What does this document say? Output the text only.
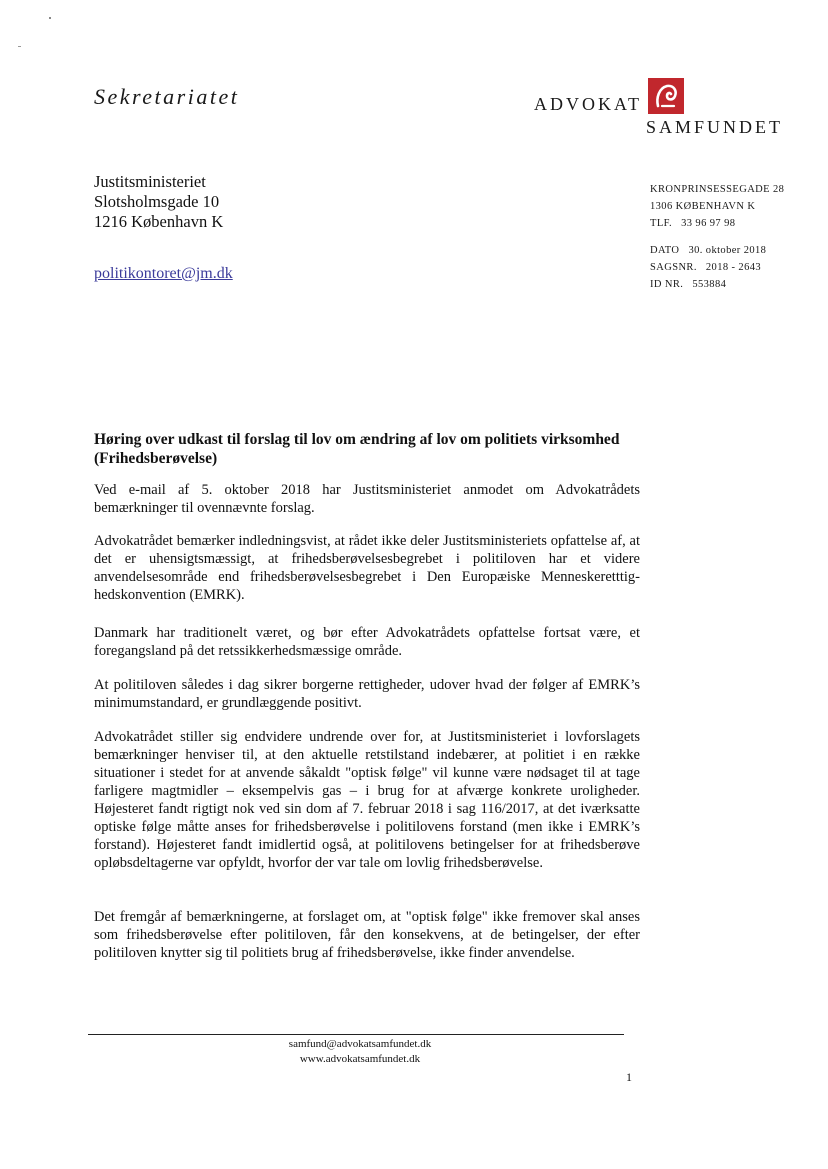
Sekretariatet	ADVOKAT
SAMFUNDET
Justitsministeriet
Slotsholmsgade 10
1216 København K
politikontoret@jm.dk
KRONPRINSESSEGADE 28
1306 KØBENHAVN K
TLF. 33 96 97 98
DATO 30. oktober 2018
SAGSNR. 2018 - 2643
ID NR. 553884
Høring over udkast til forslag til lov om ændring af lov om politiets virksomhed (Frihedsberøvelse)
Ved e-mail af 5. oktober 2018 har Justitsministeriet anmodet om Advokatrådets bemærkninger til ovennævnte forslag.
Advokatrådet bemærker indledningsvist, at rådet ikke deler Justitsministeriets opfattelse af, at det er uhensigtsmæssigt, at frihedsberøvelsesbegrebet i politiloven har et videre anvendelsesområde end frihedsberøvelsesbegrebet i Den Europæiske Menneskeretttig-hedskonvention (EMRK).
Danmark har traditionelt været, og bør efter Advokatrådets opfattelse fortsat være, et foregangsland på det retssikkerhedsmæssige område.
At politiloven således i dag sikrer borgerne rettigheder, udover hvad der følger af EMRK’s minimumstandard, er grundlæggende positivt.
Advokatrådet stiller sig endvidere undrende over for, at Justitsministeriet i lovforslagets bemærkninger henviser til, at den aktuelle retstilstand indebærer, at politiet i en række situationer i stedet for at anvende såkaldt "optisk følge" vil kunne være nødsaget til at tage farligere magtmidler – eksempelvis gas – i brug for at afværge konkrete uroligheder. Højesteret fandt rigtigt nok ved sin dom af 7. februar 2018 i sag 116/2017, at det iværksatte optiske følge måtte anses for frihedsberøvelse i politilovens forstand (men ikke i EMRK’s forstand). Højesteret fandt imidlertid også, at politilovens betingelser for at frihedsberøve opløbsdeltagerne var opfyldt, hvorfor der var tale om lovlig frihedsberøvelse.
Det fremgår af bemærkningerne, at forslaget om, at "optisk følge" ikke fremover skal anses som frihedsberøvelse efter politiloven, får den konsekvens, at de betingelser, der efter politiloven knytter sig til politiets brug af frihedsberøvelse, ikke finder anvendelse.
samfund@advokatsamfundet.dk
www.advokatsamfundet.dk
1
